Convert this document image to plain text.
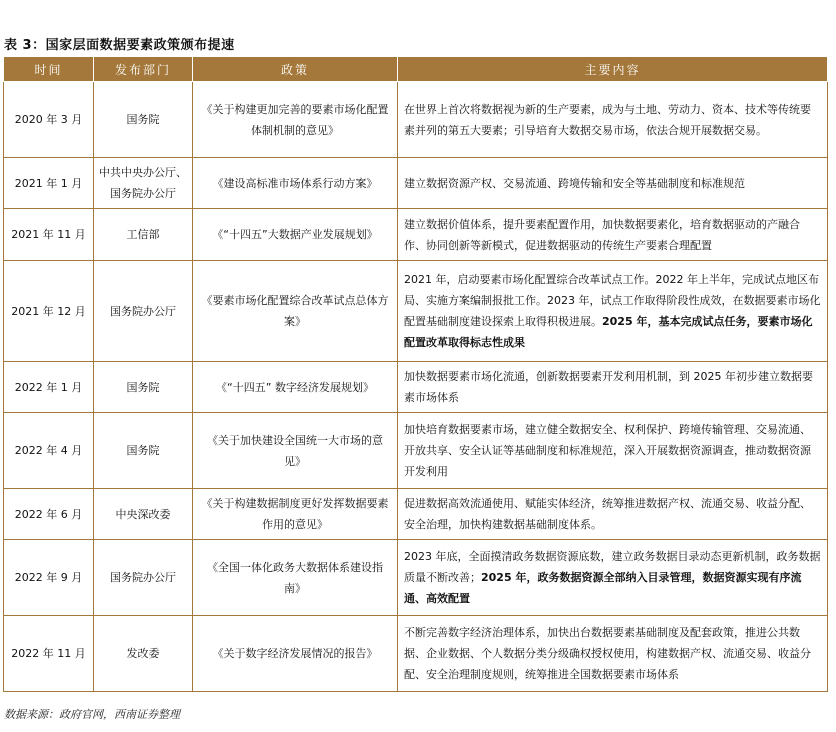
表 3：国家层面数据要素政策颁布提速
时间	发布部门	政策	主要内容
2020 年 3 月	国务院	《关于构建更加完善的要素市场化配置体制机制的意见》	在世界上首次将数据视为新的生产要素，成为与土地、劳动力、资本、技术等传统要素并列的第五大要素；引导培育大数据交易市场，依法合规开展数据交易。
2021 年 1 月	中共中央办公厅、国务院办公厅	《建设高标准市场体系行动方案》	建立数据资源产权、交易流通、跨境传输和安全等基础制度和标准规范
2021 年 11 月	工信部	《“十四五”大数据产业发展规划》	建立数据价值体系，提升要素配置作用，加快数据要素化，培育数据驱动的产融合作、协同创新等新模式，促进数据驱动的传统生产要素合理配置
2021 年 12 月	国务院办公厅	《要素市场化配置综合改革试点总体方案》	2021 年，启动要素市场化配置综合改革试点工作。2022 年上半年，完成试点地区布局、实施方案编制报批工作。2023 年，试点工作取得阶段性成效，在数据要素市场化配置基础制度建设探索上取得积极进展。2025 年，基本完成试点任务，要素市场化配置改革取得标志性成果
2022 年 1 月	国务院	《“十四五” 数字经济发展规划》	加快数据要素市场化流通，创新数据要素开发利用机制，到 2025 年初步建立数据要素市场体系
2022 年 4 月	国务院	《关于加快建设全国统一大市场的意见》	加快培育数据要素市场，建立健全数据安全、权利保护、跨境传输管理、交易流通、开放共享、安全认证等基础制度和标准规范，深入开展数据资源调查，推动数据资源开发利用
2022 年 6 月	中央深改委	《关于构建数据制度更好发挥数据要素作用的意见》	促进数据高效流通使用、赋能实体经济，统筹推进数据产权、流通交易、收益分配、安全治理，加快构建数据基础制度体系。
2022 年 9 月	国务院办公厅	《全国一体化政务大数据体系建设指南》	2023 年底，全面摸清政务数据资源底数，建立政务数据目录动态更新机制，政务数据质量不断改善；2025 年，政务数据资源全部纳入目录管理，数据资源实现有序流通、高效配置
2022 年 11 月	发改委	《关于数字经济发展情况的报告》	不断完善数字经济治理体系，加快出台数据要素基础制度及配套政策，推进公共数据、企业数据、个人数据分类分级确权授权使用，构建数据产权、流通交易、收益分配、安全治理制度规则，统筹推进全国数据要素市场体系
数据来源：政府官网，西南证券整理
